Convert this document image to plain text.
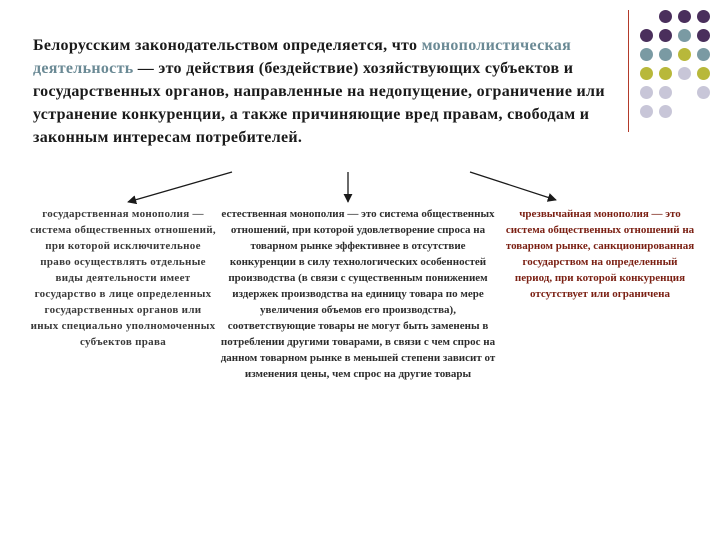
Белорусским законодательством определяется, что монополистическая деятельность — это действия (бездействие) хозяйствующих субъектов и государственных органов, направленные на недопущение, ограничение или устранение конкуренции, а также причиняющие вред правам, свободам и законным интересам потребителей.
государственная монополия — система общественных отношений, при которой исключительное право осуществлять отдельные виды деятельности имеет государство в лице определенных государственных органов или иных специально уполномоченных субъектов права
естественная монополия — это система общественных отношений, при которой удовлетворение спроса на товарном рынке эффективнее в отсутствие конкуренции в силу технологических особенностей производства (в связи с существенным понижением издержек производства на единицу товара по мере увеличения объемов его производства), соответствующие товары не могут быть заменены в потреблении другими товарами, в связи с чем спрос на данном товарном рынке в меньшей степени зависит от изменения цены, чем спрос на другие товары
чрезвычайная монополия — это система общественных отношений на товарном рынке, санкционированная государством на определенный период, при которой конкуренция отсутствует или ограничена
